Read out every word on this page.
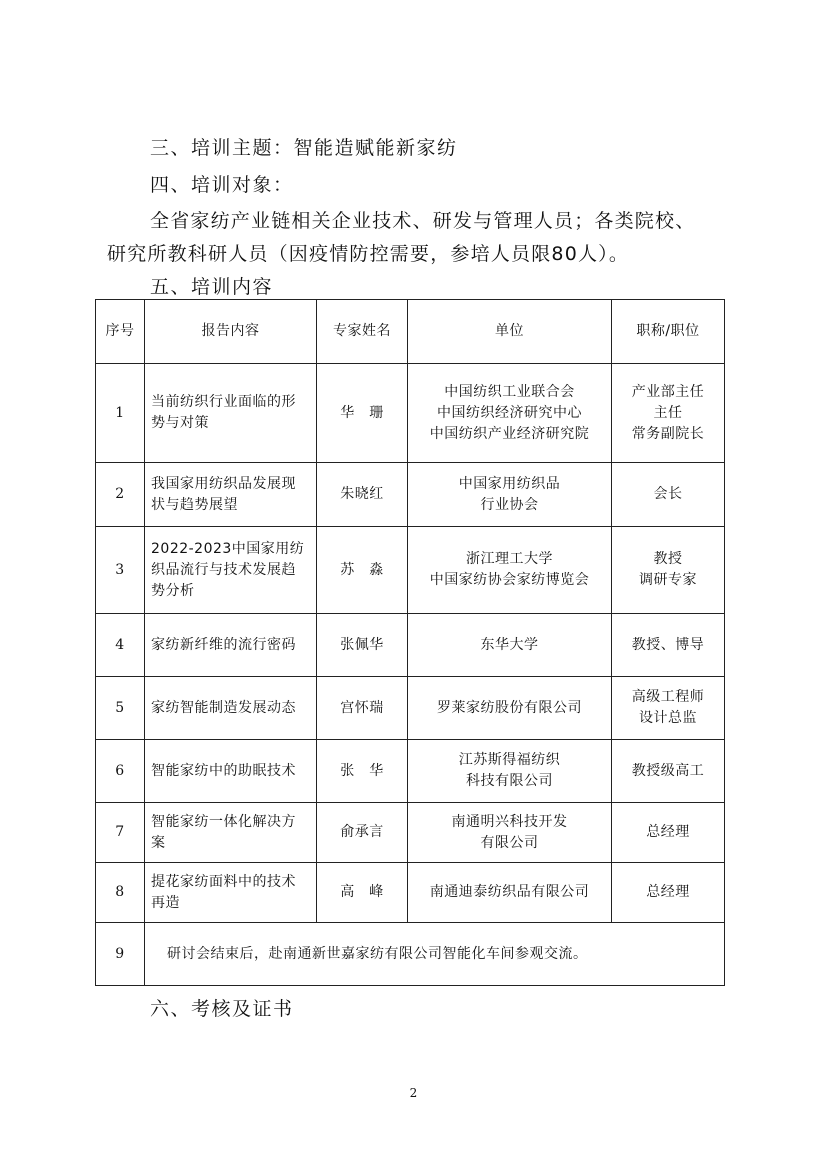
三、培训主题：智能造赋能新家纺
四、培训对象：
全省家纺产业链相关企业技术、研发与管理人员；各类院校、
研究所教科研人员（因疫情防控需要，参培人员限80人）。
五、培训内容
序号	报告内容	专家姓名	单位	职称/职位
1	当前纺织行业面临的形势与对策	华　珊	中国纺织工业联合会
中国纺织经济研究中心
中国纺织产业经济研究院	产业部主任
主任
常务副院长

2	我国家用纺织品发展现状与趋势展望	朱晓红	中国家用纺织品
行业协会	会长

3	2022-2023中国家用纺织品流行与技术发展趋势分析	苏　淼	浙江理工大学
中国家纺协会家纺博览会	教授
调研专家

4	家纺新纤维的流行密码	张佩华	东华大学	教授、博导

5	家纺智能制造发展动态	宫怀瑞	罗莱家纺股份有限公司	高级工程师
设计总监

6	智能家纺中的助眠技术	张　华	江苏斯得福纺织
科技有限公司	教授级高工

7	智能家纺一体化解决方案	俞承言	南通明兴科技开发
有限公司	总经理

8	提花家纺面料中的技术再造	高　峰	南通迪泰纺织品有限公司	总经理

9	研讨会结束后，赴南通新世嘉家纺有限公司智能化车间参观交流。			
六、考核及证书
2
